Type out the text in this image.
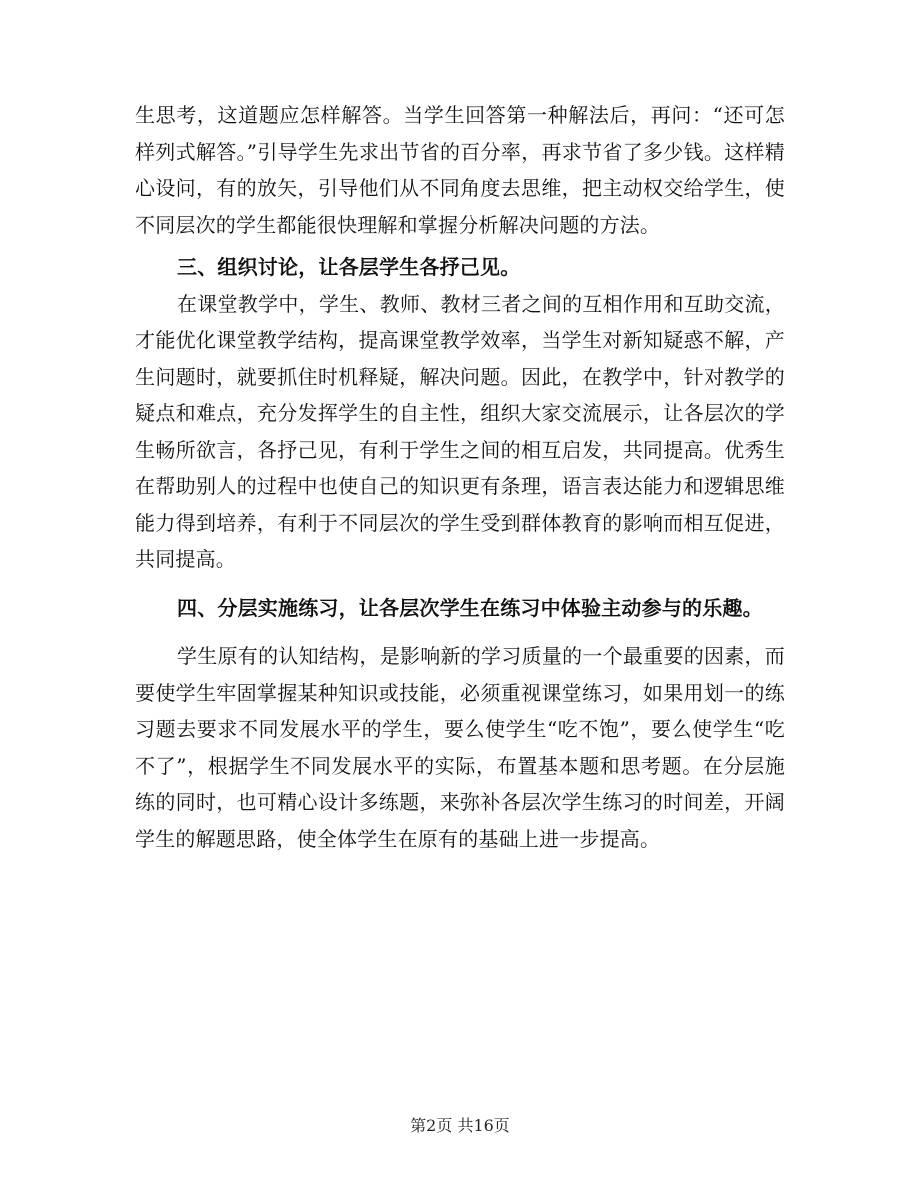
生思考，这道题应怎样解答。当学生回答第一种解法后，再问：“还可怎样列式解答。”引导学生先求出节省的百分率，再求节省了多少钱。这样精心设问，有的放矢，引导他们从不同角度去思维，把主动权交给学生，使不同层次的学生都能很快理解和掌握分析解决问题的方法。

三、组织讨论，让各层学生各抒己见。

在课堂教学中，学生、教师、教材三者之间的互相作用和互助交流，才能优化课堂教学结构，提高课堂教学效率，当学生对新知疑惑不解，产生问题时，就要抓住时机释疑，解决问题。因此，在教学中，针对教学的疑点和难点，充分发挥学生的自主性，组织大家交流展示，让各层次的学生畅所欲言，各抒己见，有利于学生之间的相互启发，共同提高。优秀生在帮助别人的过程中也使自己的知识更有条理，语言表达能力和逻辑思维能力得到培养，有利于不同层次的学生受到群体教育的影响而相互促进，共同提高。

四、分层实施练习，让各层次学生在练习中体验主动参与的乐趣。

学生原有的认知结构，是影响新的学习质量的一个最重要的因素，而要使学生牢固掌握某种知识或技能，必须重视课堂练习，如果用划一的练习题去要求不同发展水平的学生，要么使学生“吃不饱”，要么使学生“吃不了”，根据学生不同发展水平的实际，布置基本题和思考题。在分层施练的同时，也可精心设计多练题，来弥补各层次学生练习的时间差，开阔学生的解题思路，使全体学生在原有的基础上进一步提高。

第2页 共16页
